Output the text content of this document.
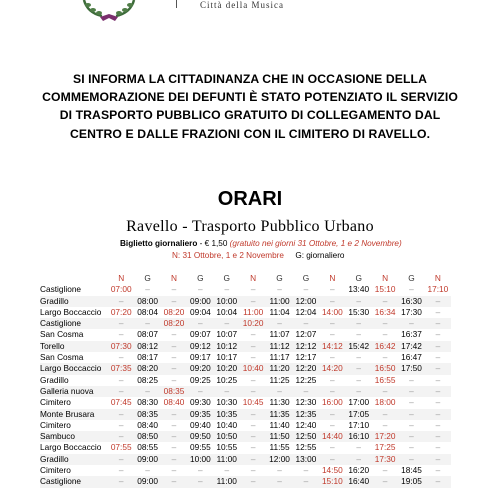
Città della Musica
SI INFORMA LA CITTADINANZA CHE IN OCCASIONE DELLA COMMEMORAZIONE DEI DEFUNTI È STATO POTENZIATO IL SERVIZIO DI TRASPORTO PUBBLICO GRATUITO DI COLLEGAMENTO DAL CENTRO E DALLE FRAZIONI CON IL CIMITERO DI RAVELLO.
ORARI
Ravello - Trasporto Pubblico Urbano
Biglietto giornaliero - € 1,50 (gratuito nei giorni 31 Ottobre, 1 e 2 Novembre)
N: 31 Ottobre, 1 e 2 Novembre G: giornaliero
	N	G	N	G	G	N	G	G	N	G	N	G	N
Castiglione	07:00	–	–	–	–	–	–	–	–	13:40	15:10	–	17:10
Gradillo	–	08:00	–	09:00	10:00	–	11:00	12:00	–	–	–	16:30	–
Largo Boccaccio	07:20	08:04	08:20	09:04	10:04	11:00	11:04	12:04	14:00	15:30	16:34	17:30	–
Castiglione	–	–	08:20	–	–	10:20	–	–	–	–	–	–	–
San Cosma	–	08:07	–	09:07	10:07	–	11:07	12:07	–	–	–	16:37	–
Torello	07:30	08:12	–	09:12	10:12	–	11:12	12:12	14:12	15:42	16:42	17:42	–
San Cosma	–	08:17	–	09:17	10:17	–	11:17	12:17	–	–	–	16:47	–
Largo Boccaccio	07:35	08:20	–	09:20	10:20	10:40	11:20	12:20	14:20	–	16:50	17:50	–
Gradillo	–	08:25	–	09:25	10:25	–	11:25	12:25	–	–	16:55	–	–
Galleria nuova	–	–	08:35	–	–	–	–	–	–	–	–	–	–
Cimitero	07:45	08:30	08:40	09:30	10:30	10:45	11:30	12:30	16:00	17:00	18:00	–	–
Monte Brusara	–	08:35	–	09:35	10:35	–	11:35	12:35	–	17:05	–	–	–
Cimitero	–	08:40	–	09:40	10:40	–	11:40	12:40	–	17:10	–	–	–
Sambuco	–	08:50	–	09:50	10:50	–	11:50	12:50	14:40	16:10	17:20	–	–
Largo Boccaccio	07:55	08:55	–	09:55	10:55	–	11:55	12:55	–	–	17:25	–	–
Gradillo	–	09:00	–	10:00	11:00	–	12:00	13:00	–	–	17:30	–	–
Cimitero	–	–	–	–	–	–	–	–	14:50	16:20	–	18:45	–
Castiglione	–	09:00	–	–	11:00	–	–	–	15:10	16:40	–	19:05	–
